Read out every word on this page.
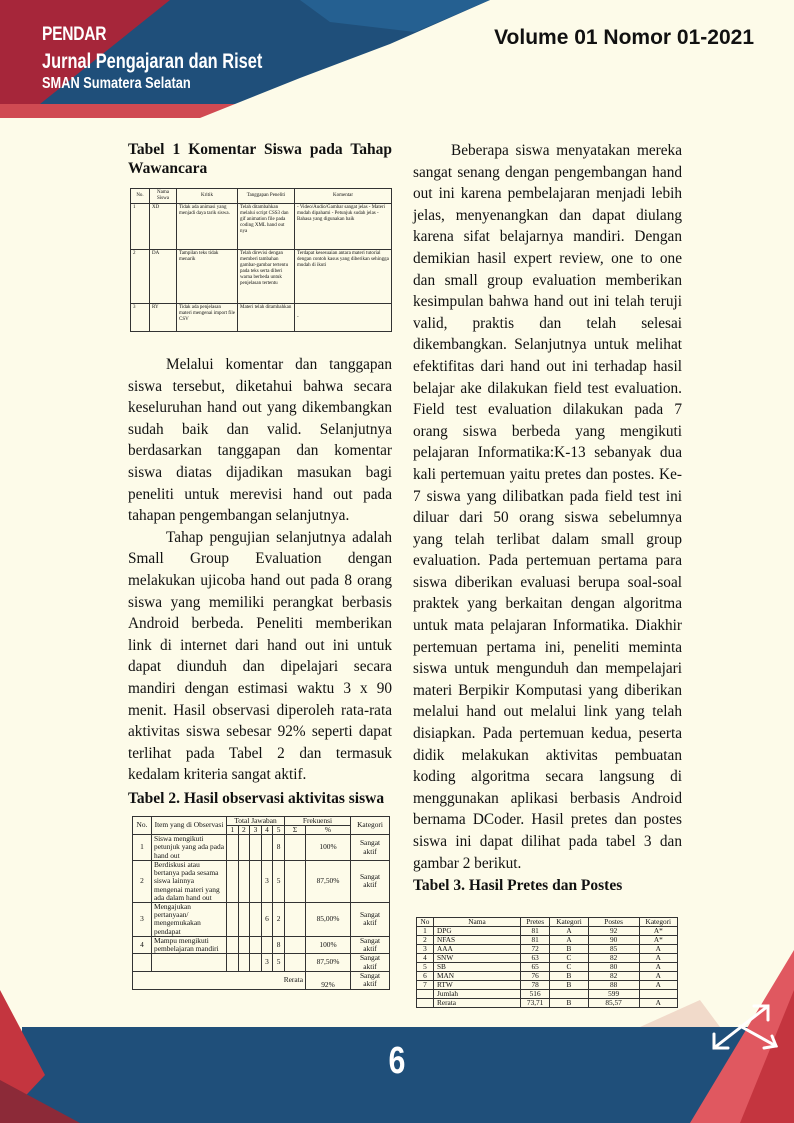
PENDAR
Jurnal Pengajaran dan Riset
SMAN Sumatera Selatan
Volume 01 Nomor 01-2021

Tabel 1 Komentar Siswa pada Tahap Wawancara

No.	Nama Siswa	Kritik	Tanggapan Peneliti	Komentar
1	XD	Tidak ada animasi yang menjadi daya tarik siswa.	Telah ditambahkan melalui script CSS3 dan gif animation file pada coding XML hand out nya	- Video/Audio/Gambar sangat jelas - Materi mudah dipahami - Petunjuk sudah jelas - Bahasa yang digunakan baik
2	DA	Tampilan teks tidak menarik	Telah direvisi dengan memberi tambahan gambar-gambar tertentu pada teks serta diberi warna berbeda untuk penjelasan tertentu	Terdapat kesesuaian antara materi tutorial dengan contoh kasus yang diberikan sehingga mudah di ikuti
3	RY	Tidak ada penjelasan materi mengenai import file CSV	Materi telah ditambahkan	-

Melalui komentar dan tanggapan siswa tersebut, diketahui bahwa secara keseluruhan hand out yang dikembangkan sudah baik dan valid. Selanjutnya berdasarkan tanggapan dan komentar siswa diatas dijadikan masukan bagi peneliti untuk merevisi hand out pada tahapan pengembangan selanjutnya.

Tahap pengujian selanjutnya adalah Small Group Evaluation dengan melakukan ujicoba hand out pada 8 orang siswa yang memiliki perangkat berbasis Android berbeda. Peneliti memberikan link di internet dari hand out ini untuk dapat diunduh dan dipelajari secara mandiri dengan estimasi waktu 3 x 90 menit. Hasil observasi diperoleh rata-rata aktivitas siswa sebesar 92% seperti dapat terlihat pada Tabel 2 dan termasuk kedalam kriteria sangat aktif.

Tabel 2. Hasil observasi aktivitas siswa

No.	Item yang di Observasi	Total Jawaban					Frekuensi		Kategori
		1	2	3	4	5	Σ	%	
1	Siswa mengikuti petunjuk yang ada pada hand out					8		100%	Sangat aktif
2	Berdiskusi atau bertanya pada sesama siswa lainnya mengenai materi yang ada dalam hand out				3	5		87,50%	Sangat aktif
3	Mengajukan pertanyaan/ mengemukakan pendapat				6	2		85,00%	Sangat aktif
4	Mampu mengikuti pembelajaran mandiri					8		100%	Sangat aktif
					3	5		87,50%	Sangat aktif
Rerata								92%	Sangat aktif

Beberapa siswa menyatakan mereka sangat senang dengan pengembangan hand out ini karena pembelajaran menjadi lebih jelas, menyenangkan dan dapat diulang karena sifat belajarnya mandiri. Dengan demikian hasil expert review, one to one dan small group evaluation memberikan kesimpulan bahwa hand out ini telah teruji valid, praktis dan telah selesai dikembangkan. Selanjutnya untuk melihat efektifitas dari hand out ini terhadap hasil belajar ake dilakukan field test evaluation. Field test evaluation dilakukan pada 7 orang siswa berbeda yang mengikuti pelajaran Informatika:K-13 sebanyak dua kali pertemuan yaitu pretes dan postes. Ke-7 siswa yang dilibatkan pada field test ini diluar dari 50 orang siswa sebelumnya yang telah terlibat dalam small group evaluation. Pada pertemuan pertama para siswa diberikan evaluasi berupa soal-soal praktek yang berkaitan dengan algoritma untuk mata pelajaran Informatika. Diakhir pertemuan pertama ini, peneliti meminta siswa untuk mengunduh dan mempelajari materi Berpikir Komputasi yang diberikan melalui hand out melalui link yang telah disiapkan. Pada pertemuan kedua, peserta didik melakukan aktivitas pembuatan koding algoritma secara langsung di menggunakan aplikasi berbasis Android bernama DCoder. Hasil pretes dan postes siswa ini dapat dilihat pada tabel 3 dan gambar 2 berikut.

Tabel 3. Hasil Pretes dan Postes

No	Nama	Pretes	Kategori	Postes	Kategori
1	DPG	81	A	92	A*
2	NFAS	81	A	90	A*
3	AAA	72	B	85	A
4	SNW	63	C	82	A
5	SB	65	C	80	A
6	MAN	76	B	82	A
7	RTW	78	B	88	A
	Jumlah	516		599	
	Rerata	73,71	B	85,57	A
6
